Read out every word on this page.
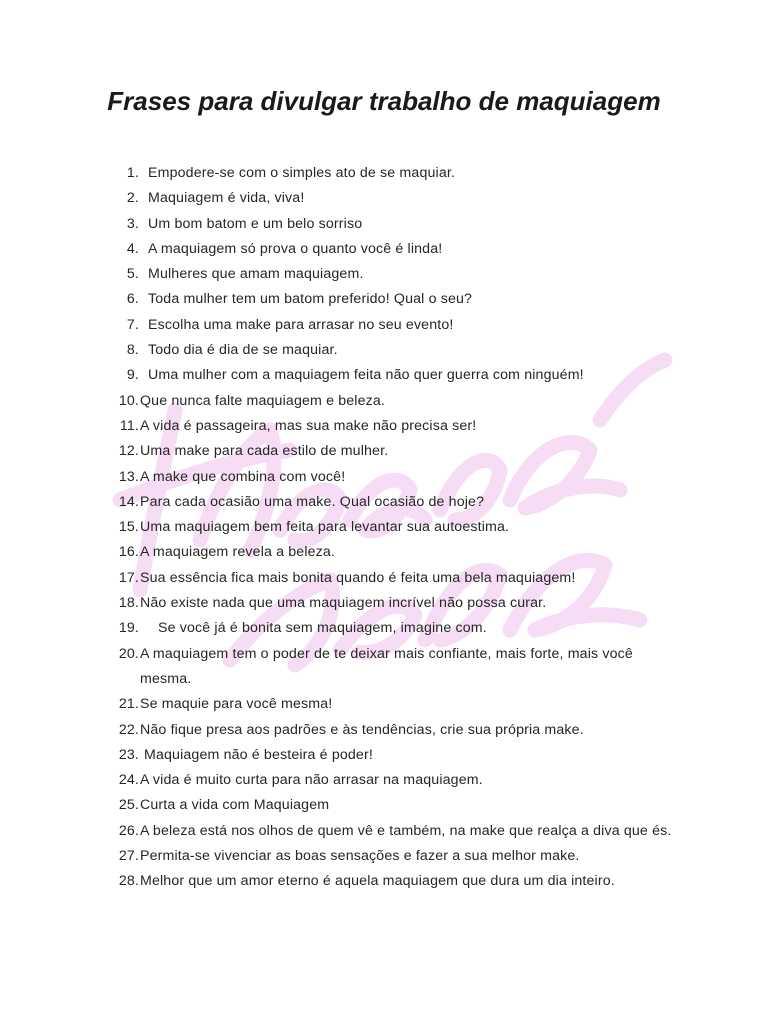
Frases para divulgar trabalho de maquiagem
1. Empodere-se com o simples ato de se maquiar.
2. Maquiagem é vida, viva!
3. Um bom batom e um belo sorriso
4. A maquiagem só prova o quanto você é linda!
5. Mulheres que amam maquiagem.
6. Toda mulher tem um batom preferido! Qual o seu?
7. Escolha uma make para arrasar no seu evento!
8. Todo dia é dia de se maquiar.
9. Uma mulher com a maquiagem feita não quer guerra com ninguém!
10. Que nunca falte maquiagem e beleza.
11. A vida é passageira, mas sua make não precisa ser!
12. Uma make para cada estilo de mulher.
13. A make que combina com você!
14. Para cada ocasião uma make. Qual ocasião de hoje?
15. Uma maquiagem bem feita para levantar sua autoestima.
16. A maquiagem revela a beleza.
17. Sua essência fica mais bonita quando é feita uma bela maquiagem!
18. Não existe nada que uma maquiagem incrível não possa curar.
19.	Se você já é bonita sem maquiagem, imagine com.
20. A maquiagem tem o poder de te deixar mais confiante, mais forte, mais você mesma.
21. Se maquie para você mesma!
22. Não fique presa aos padrões e às tendências, crie sua própria make.
23. Maquiagem não é besteira é poder!
24. A vida é muito curta para não arrasar na maquiagem.
25. Curta a vida com Maquiagem
26. A beleza está nos olhos de quem vê e também, na make que realça a diva que és.
27. Permita-se vivenciar as boas sensações e fazer a sua melhor make.
28. Melhor que um amor eterno é aquela maquiagem que dura um dia inteiro.
